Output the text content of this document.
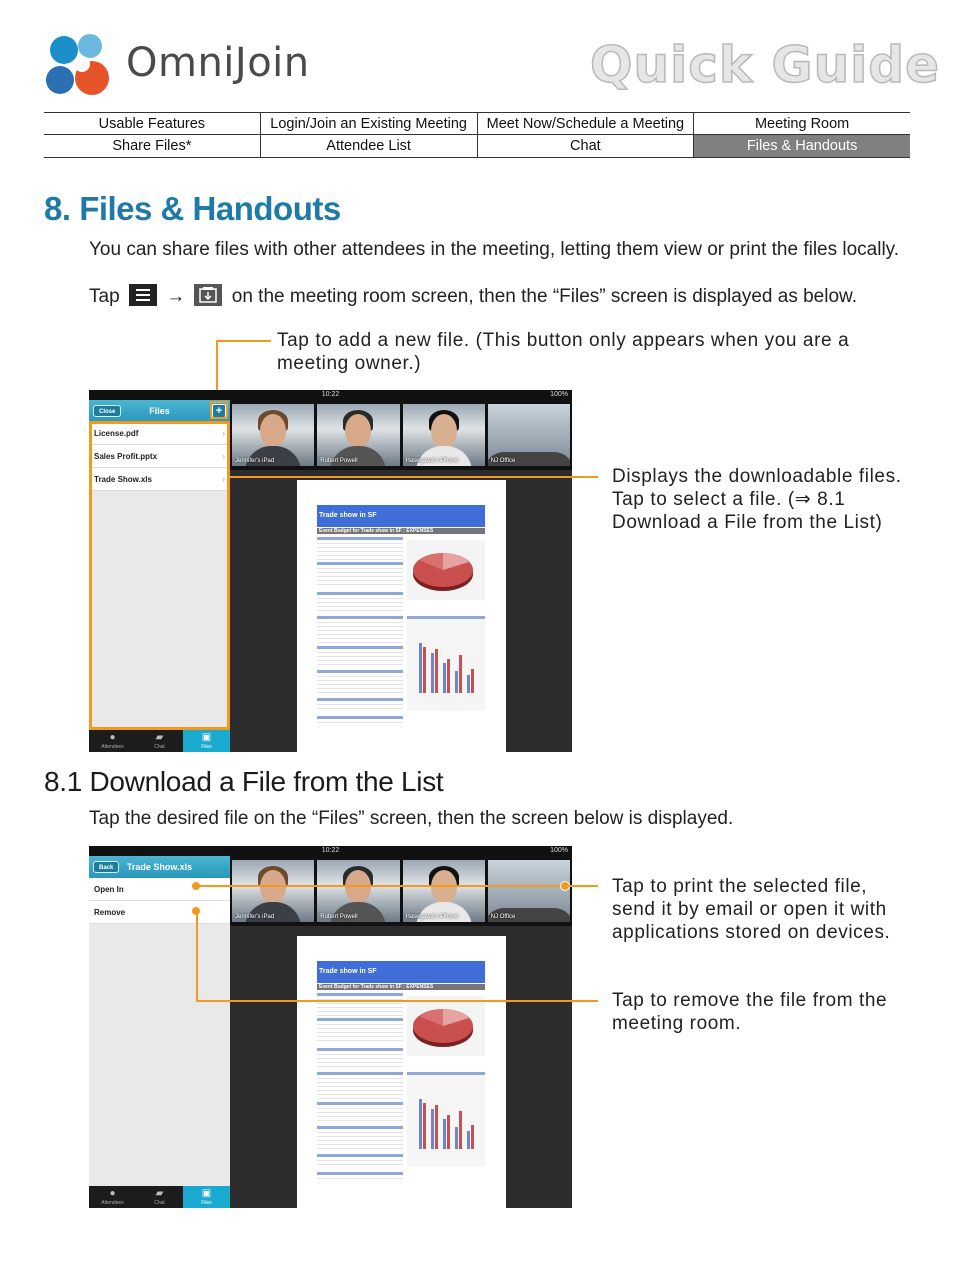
OmniJoin	Quick Guide
Usable Features	Login/Join an Existing Meeting	Meet Now/Schedule a Meeting	Meeting Room
Share Files*	Attendee List	Chat	Files & Handouts
8. Files & Handouts
You can share files with other attendees in the meeting, letting them view or print the files locally.
Tap → on the meeting room screen, then the “Files” screen is displayed as below.
Tap to add a new file. (This button only appears when you are a meeting owner.)
10:22	100%
Close	Files	+
License.pdf	›
Sales Profit.pptx	›
Trade Show.xls	›
●
Attendees
▰
Chat
▣
Files
Jennifer's iPad	Robert Powell	Hasegawa's iPhone	NJ Office
Trade show in SF
Event Budget for Trade show in SF : EXPENSES
Displays the downloadable files.
Tap to select a file. (⇒ 8.1 Download a File from the List)
8.1 Download a File from the List
Tap the desired file on the “Files” screen, then the screen below is displayed.
10:22	100%
Back	Trade Show.xls
Open In
Remove
●
Attendees
▰
Chat
▣
Files
Jennifer's iPad	Robert Powell	Hasegawa's iPhone	NJ Office
Trade show in SF
Event Budget for Trade show in SF : EXPENSES
Tap to print the selected file, send it by email or open it with applications stored on devices.
Tap to remove the file from the meeting room.
